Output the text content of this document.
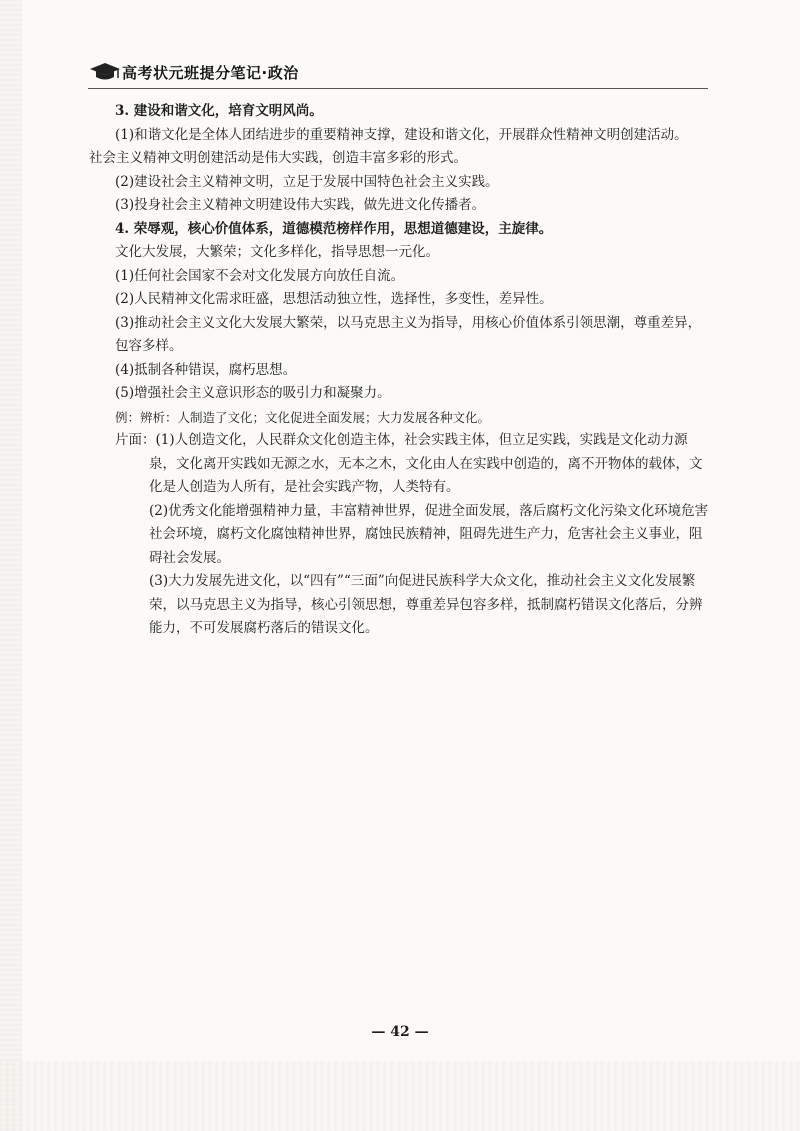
高考状元班提分笔记·政治

3. 建设和谐文化，培育文明风尚。

(1)和谐文化是全体人团结进步的重要精神支撑，建设和谐文化，开展群众性精神文明创建活动。

社会主义精神文明创建活动是伟大实践，创造丰富多彩的形式。

(2)建设社会主义精神文明，立足于发展中国特色社会主义实践。

(3)投身社会主义精神文明建设伟大实践，做先进文化传播者。

4. 荣辱观，核心价值体系，道德模范榜样作用，思想道德建设，主旋律。

文化大发展，大繁荣；文化多样化，指导思想一元化。

(1)任何社会国家不会对文化发展方向放任自流。

(2)人民精神文化需求旺盛，思想活动独立性，选择性，多变性，差异性。

(3)推动社会主义文化大发展大繁荣，以马克思主义为指导，用核心价值体系引领思潮，尊重差异，包容多样。

(4)抵制各种错误，腐朽思想。

(5)增强社会主义意识形态的吸引力和凝聚力。

例：辨析：人制造了文化；文化促进全面发展；大力发展各种文化。

片面：(1)人创造文化，人民群众文化创造主体，社会实践主体，但立足实践，实践是文化动力源泉，文化离开实践如无源之水，无本之木，文化由人在实践中创造的，离不开物体的载体，文化是人创造为人所有，是社会实践产物，人类特有。

(2)优秀文化能增强精神力量，丰富精神世界，促进全面发展，落后腐朽文化污染文化环境危害社会环境，腐朽文化腐蚀精神世界，腐蚀民族精神，阻碍先进生产力，危害社会主义事业，阻碍社会发展。

(3)大力发展先进文化，以“四有”“三面”向促进民族科学大众文化，推动社会主义文化发展繁荣，以马克思主义为指导，核心引领思想，尊重差异包容多样，抵制腐朽错误文化落后，分辨能力，不可发展腐朽落后的错误文化。

— 42 —
